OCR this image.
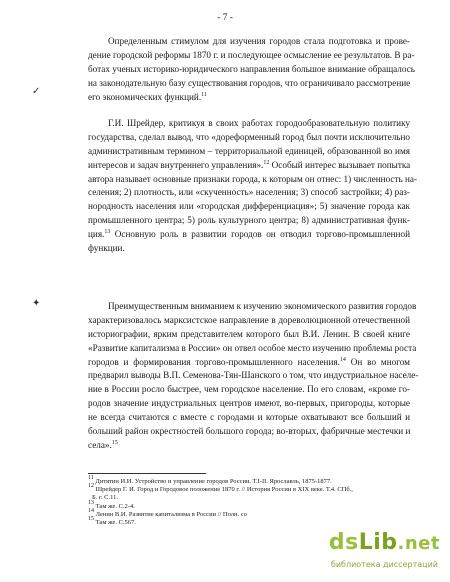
- 7 -
Определенным стимулом для изучения городов стала подготовка и прове-
дение городской реформы 1870 г. и последующее осмысление ее результатов. В ра-
ботах ученых историко-юридического направления большое внимание обращалось
на законодательную базу существования городов, что ограничивало рассмотрение
его экономических функций.$^{11}$
✓
Г.И. Шрейдер, критикуя в своих работах городообразовательную политику
государства, сделал вывод, что «дореформенный город был почти исключительно
административным термином – территориальной единицей, образованной во имя
интересов и задач внутреннего управления».$^{12}$ Особый интерес вызывает попытка
автора называет основные признаки города, к которым он отнес: 1) численность на-
селения; 2) плотность, или «скученность» населения; 3) способ застройки; 4) раз-
нородность населения или «городская дифференциация»; 5) значение города как
промышленного центра; 5) роль культурного центра; 8) административная функ-
ция.$^{13}$ Основную роль в развитии городов он отводил торгово-промышленной
функции.
✦	Преимущественным вниманием к изучению экономического развития городов
характеризовалось марксистское направление в дореволюционной отечественной
историографии, ярким представителем которого был В.И. Ленин. В своей книге
«Развитие капитализма в России» он отвел особое место изучению проблемы роста
городов и формирования торгово-промышленного населения.$^{14}$ Он во многом
предварил выводы В.П. Семенова-Тян-Шанского о том, что индустриальное населе-
ние в России росло быстрее, чем городское население. По его словам, «кроме го-
родов значение индустриальных центров имеют, во-первых, пригороды, которые
не всегда считаются с вместе с городами и которые охватывают все больший и
больший район окрестностей большого города; во-вторых, фабричные местечки и
села».$^{15}$
$^{11}$ Дитятин И.И. Устройство и управление городов России. Т.I-II. Ярославль, 1875-1877.
$^{12}$ Шрейдер Г. И. Город и Городовое положение 1870 г. // История России в XIX веке. Т.4. СПб.,
Б. г. С.11.
$^{13}$ Там же. С.2-4.
$^{14}$ Ленин В.И. Развитие капитализма в России // Полн. со
$^{15}$ Там же. С.567.
dsLib.net
библиотека диссертаций
